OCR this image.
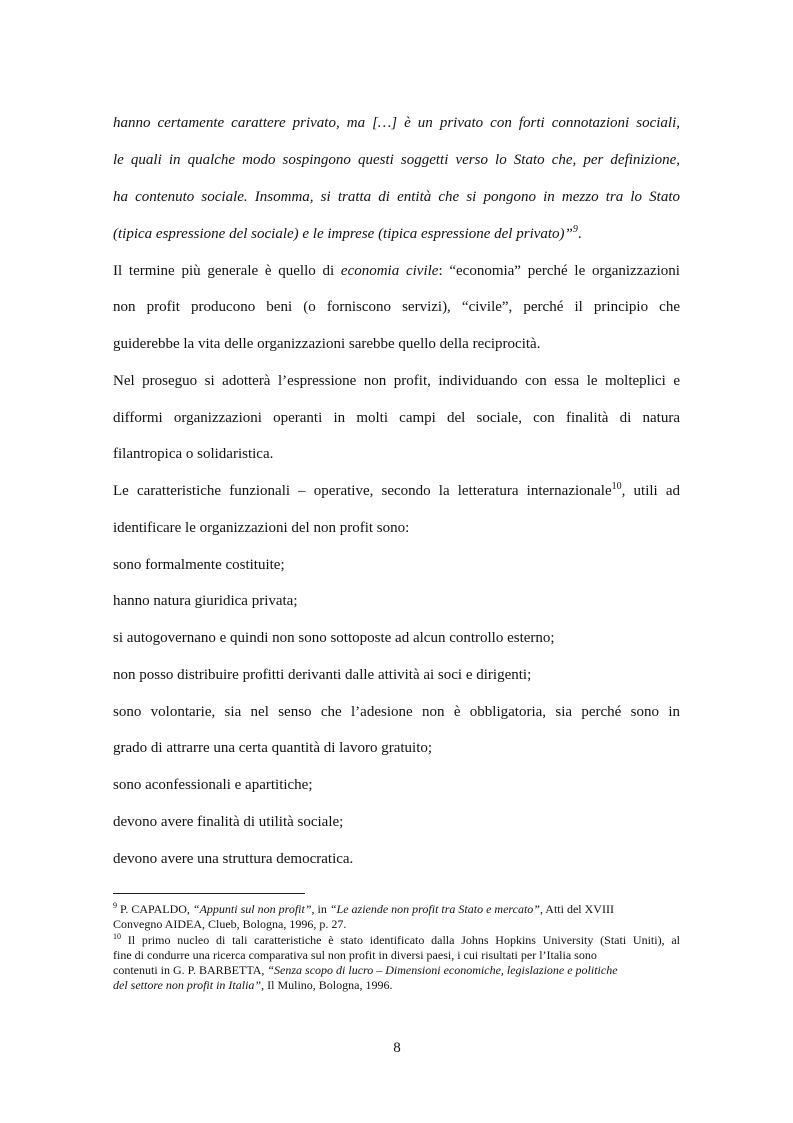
hanno certamente carattere privato, ma […] è un privato con forti connotazioni sociali,
le quali in qualche modo sospingono questi soggetti verso lo Stato che, per definizione,
ha contenuto sociale. Insomma, si tratta di entità che si pongono in mezzo tra lo Stato
(tipica espressione del sociale) e le imprese (tipica espressione del privato)”$^9$.
Il termine più generale è quello di economia civile: “economia” perché le organizzazioni
non profit producono beni (o forniscono servizi), “civile”, perché il principio che
guiderebbe la vita delle organizzazioni sarebbe quello della reciprocità.
Nel proseguo si adotterà l’espressione non profit, individuando con essa le molteplici e
difformi organizzazioni operanti in molti campi del sociale, con finalità di natura
filantropica o solidaristica.
Le caratteristiche funzionali – operative, secondo la letteratura internazionale$^{10}$, utili ad
identificare le organizzazioni del non profit sono:
sono formalmente costituite;
hanno natura giuridica privata;
si autogovernano e quindi non sono sottoposte ad alcun controllo esterno;
non posso distribuire profitti derivanti dalle attività ai soci e dirigenti;
sono volontarie, sia nel senso che l’adesione non è obbligatoria, sia perché sono in
grado di attrarre una certa quantità di lavoro gratuito;
sono aconfessionali e apartitiche;
devono avere finalità di utilità sociale;
devono avere una struttura democratica.
$^9$ P. CAPALDO, “Appunti sul non profit”, in “Le aziende non profit tra Stato e mercato”, Atti del XVIII
Convegno AIDEA, Clueb, Bologna, 1996, p. 27.
$^{10}$ Il primo nucleo di tali caratteristiche è stato identificato dalla Johns Hopkins University (Stati Uniti), al
fine di condurre una ricerca comparativa sul non profit in diversi paesi, i cui risultati per l’Italia sono
contenuti in G. P. BARBETTA, “Senza scopo di lucro – Dimensioni economiche, legislazione e politiche
del settore non profit in Italia”, Il Mulino, Bologna, 1996.
8
